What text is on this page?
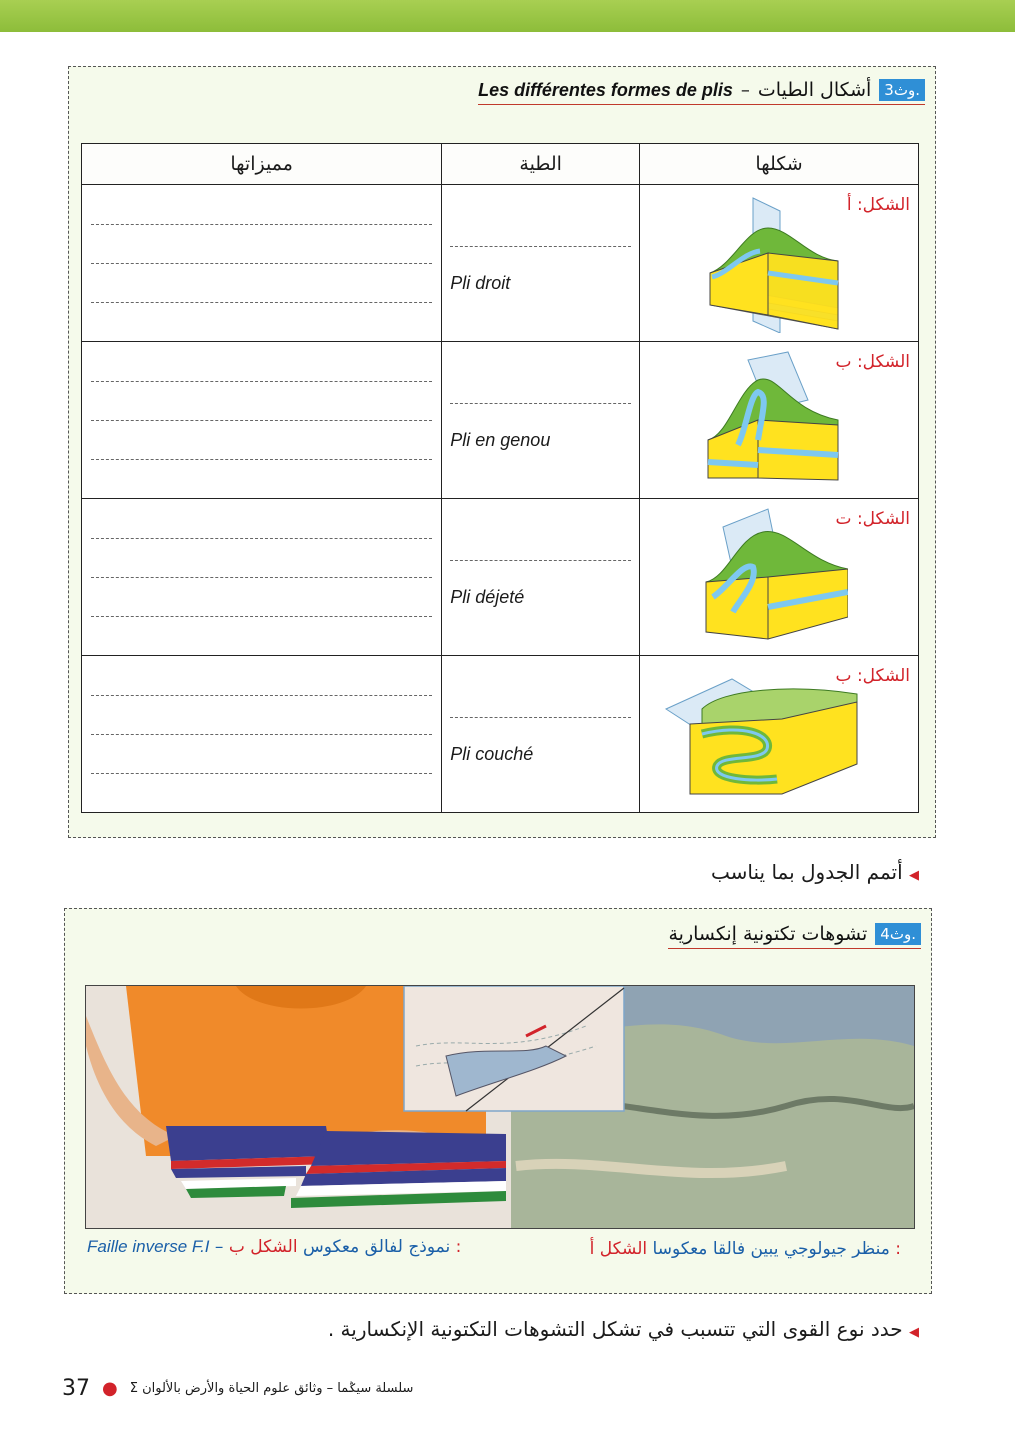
Les différentes formes de plis – أشكال الطيات وث3.
مميزاتها	الطية	شكلها

	Pli droit	الشكل: أ

	Pli en genou	الشكل: ب

	Pli déjeté	الشكل: ت

	Pli couché	الشكل: ب
◀ أتمم الجدول بما يناسب
تشوهات تكتونية إنكسارية وث4.
منظر جيولوجي يبين فالقا معكوسا الشكل أ :
Faille inverse F.I –	نموذج لفالق معكوس الشكل ب :
◀ حدد نوع القوى التي تتسبب في تشكل التشوهات التكتونية الإنكسارية .
37 ● Σ سلسلة سيݣما – وثائق علوم الحياة والأرض بالألوان
